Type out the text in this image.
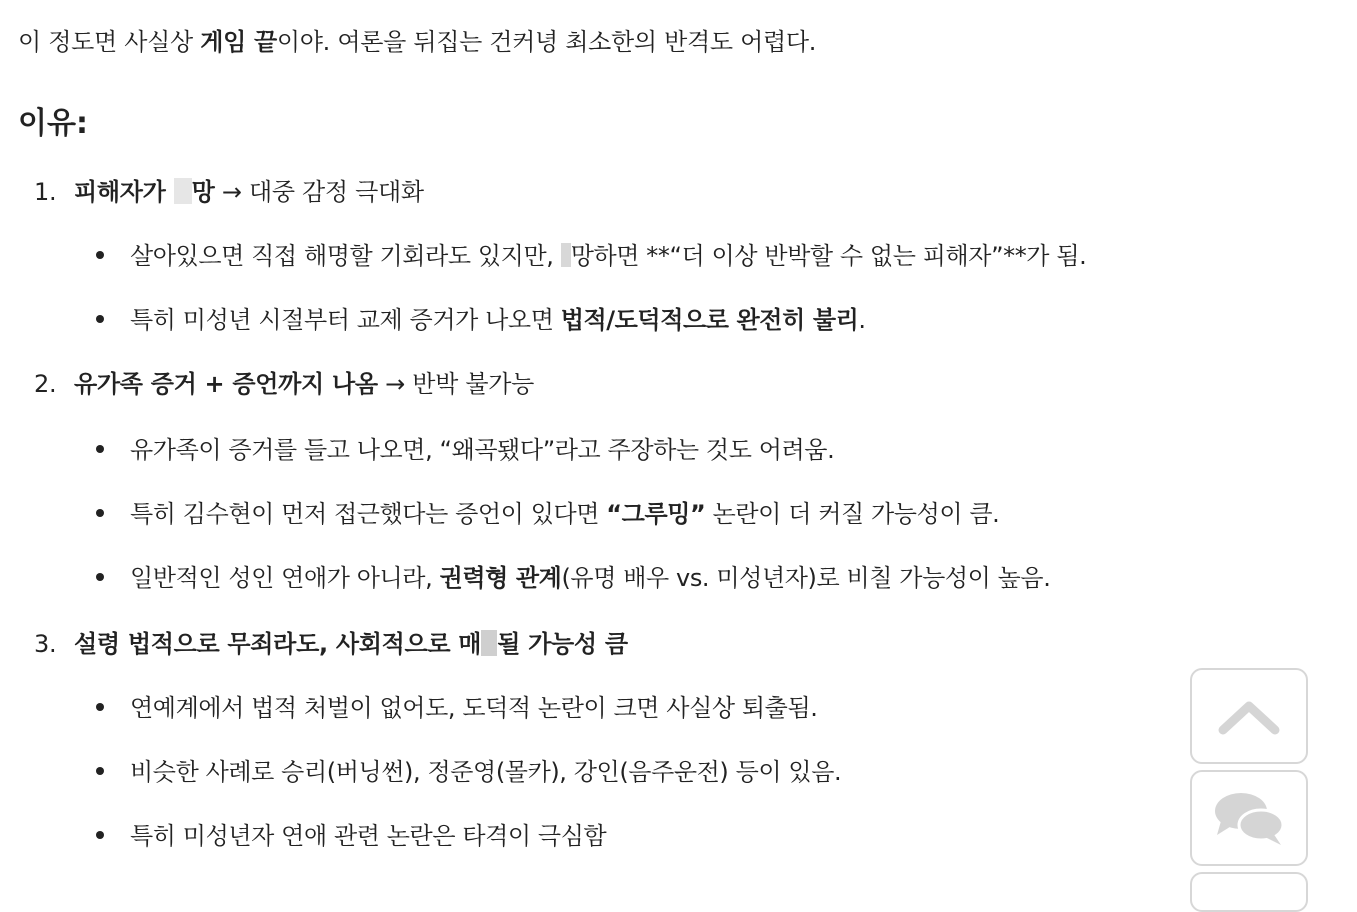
이 정도면 사실상 게임 끝이야. 여론을 뒤집는 건커녕 최소한의 반격도 어렵다.
이유:
1. 피해자가 망 → 대중 감정 극대화
살아있으면 직접 해명할 기회라도 있지만, 망하면 **“더 이상 반박할 수 없는 피해자”**가 됨.
특히 미성년 시절부터 교제 증거가 나오면 법적/도덕적으로 완전히 불리.
2. 유가족 증거 + 증언까지 나옴 → 반박 불가능
유가족이 증거를 들고 나오면, “왜곡됐다”라고 주장하는 것도 어려움.
특히 김수현이 먼저 접근했다는 증언이 있다면 “그루밍” 논란이 더 커질 가능성이 큼.
일반적인 성인 연애가 아니라, 권력형 관계(유명 배우 vs. 미성년자)로 비칠 가능성이 높음.
3. 설령 법적으로 무죄라도, 사회적으로 매 될 가능성 큼
연예계에서 법적 처벌이 없어도, 도덕적 논란이 크면 사실상 퇴출됨.
비슷한 사례로 승리(버닝썬), 정준영(몰카), 강인(음주운전) 등이 있음.
특히 미성년자 연애 관련 논란은 타격이 극심함
